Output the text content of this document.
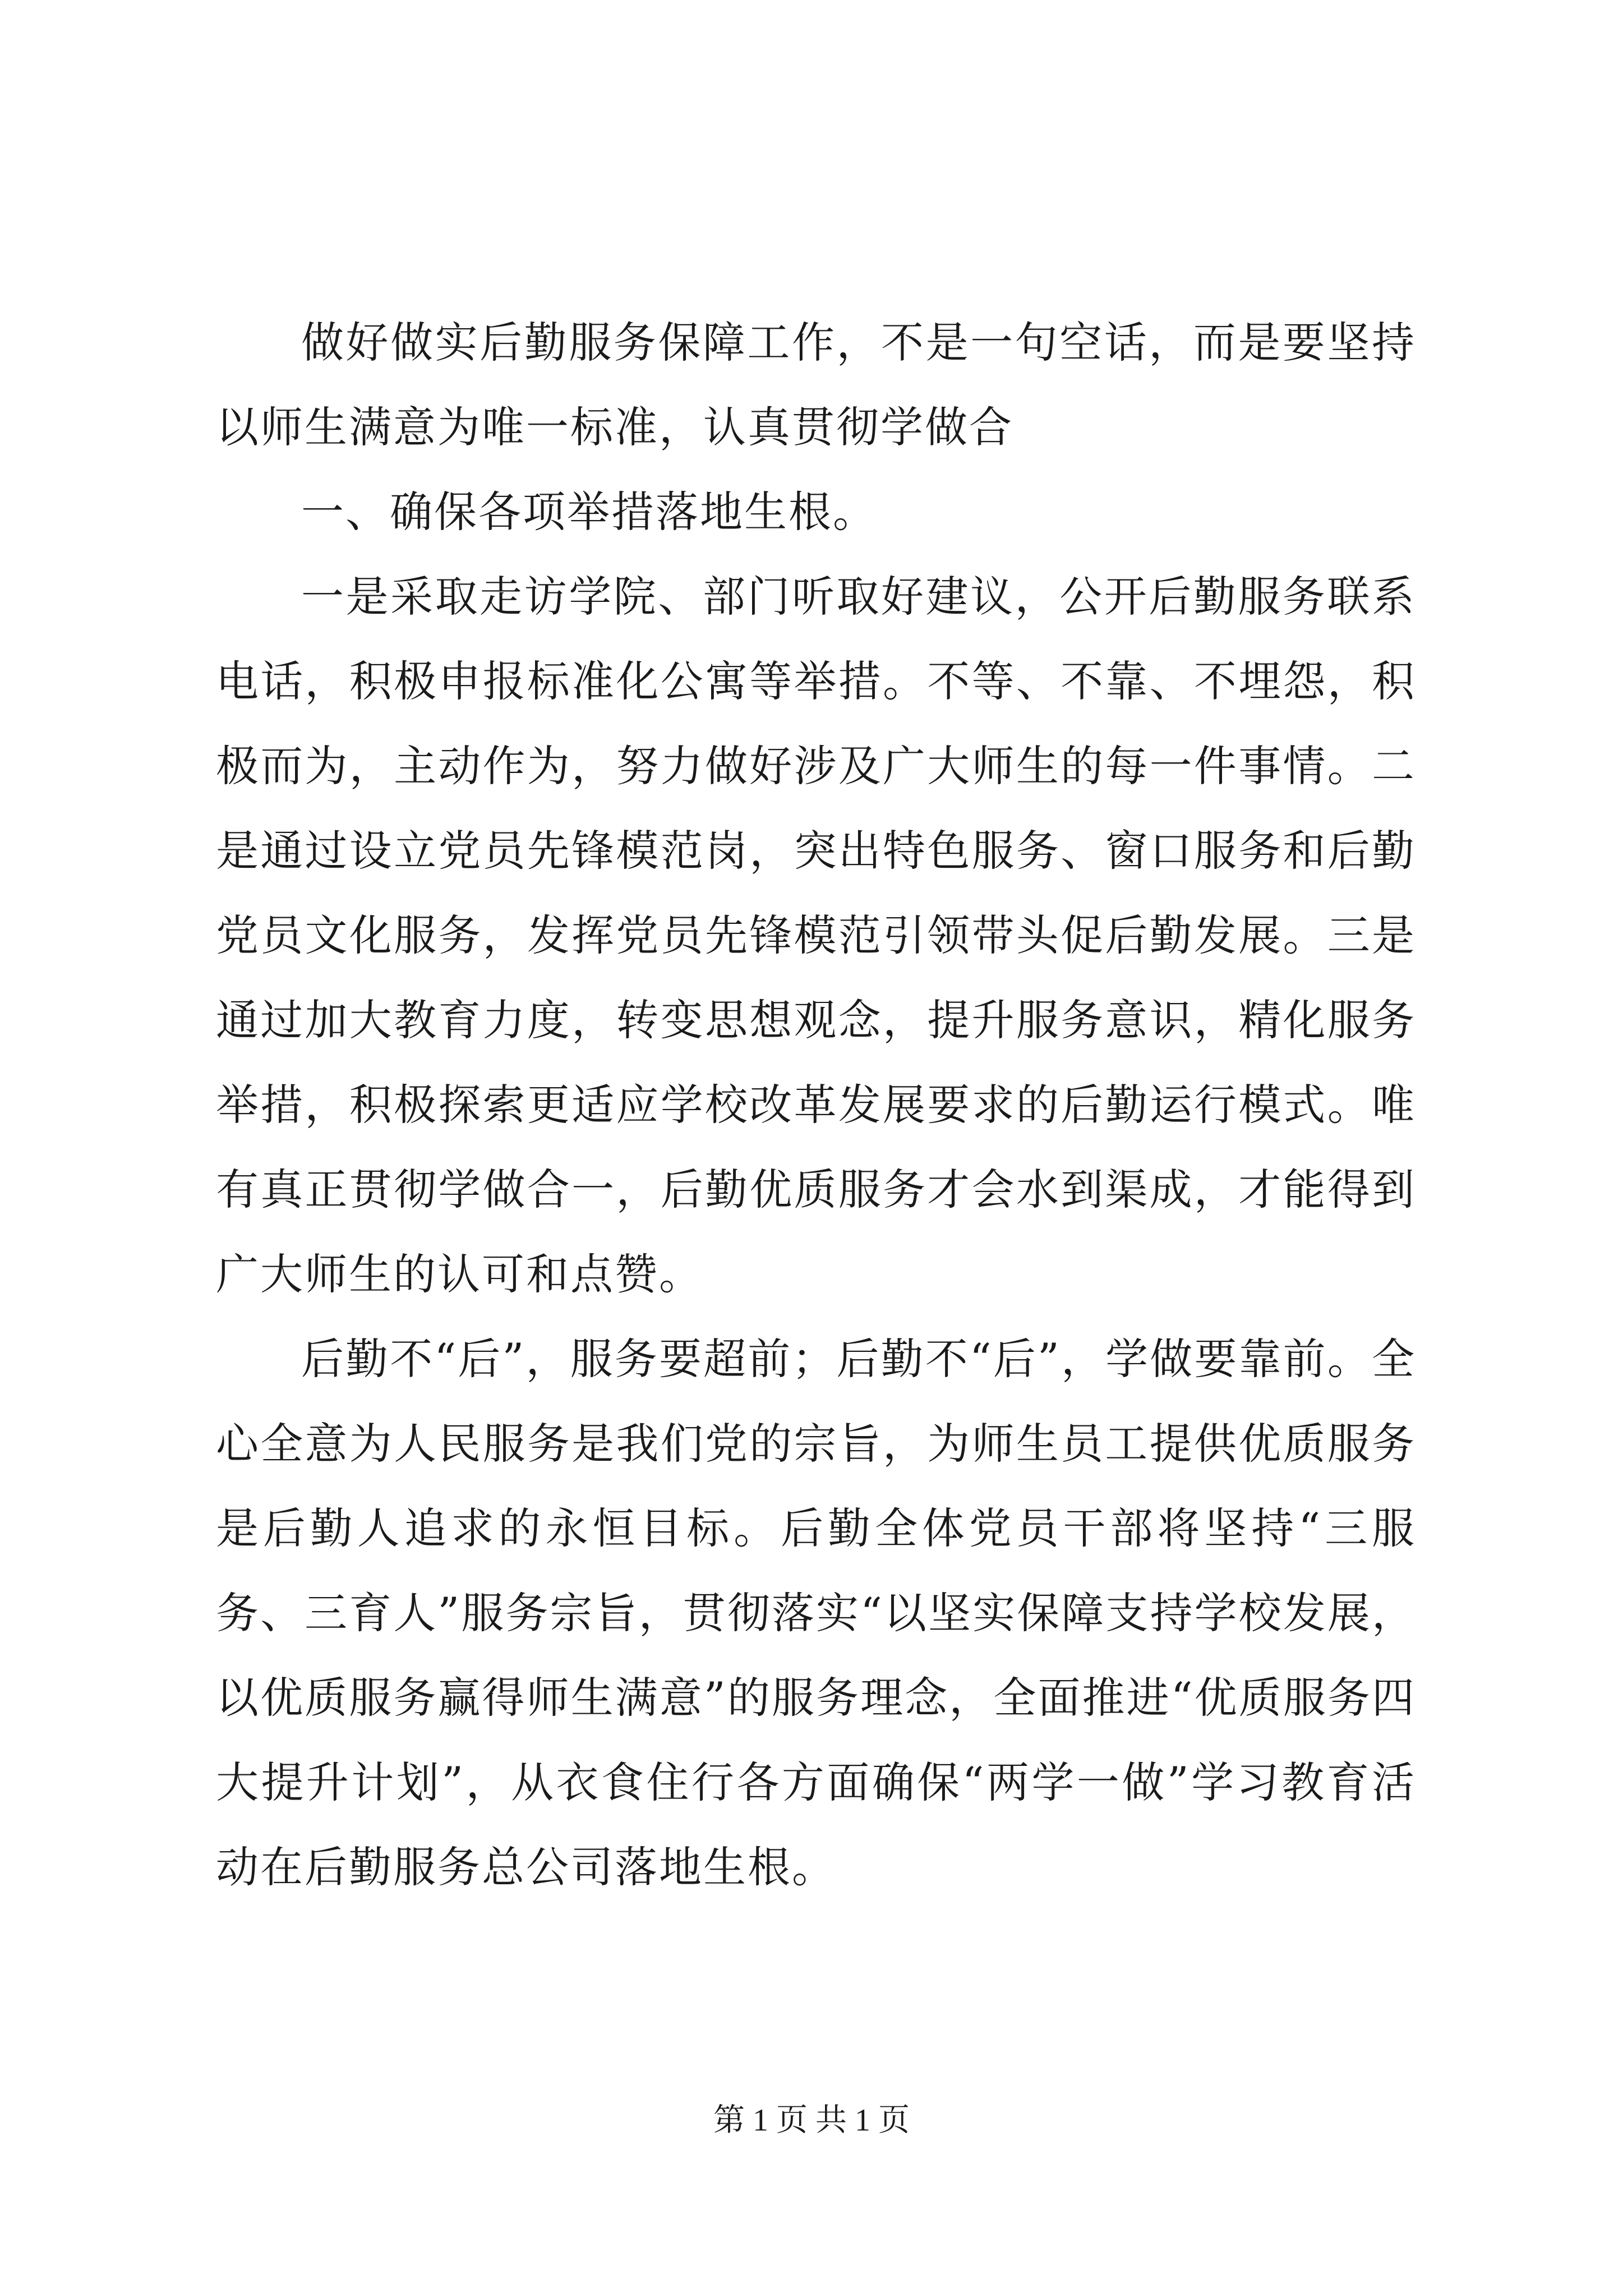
做好做实后勤服务保障工作，不是一句空话，而是要坚持以师生满意为唯一标准，认真贯彻学做合

一、确保各项举措落地生根。

一是采取走访学院、部门听取好建议，公开后勤服务联系电话，积极申报标准化公寓等举措。不等、不靠、不埋怨，积极而为，主动作为，努力做好涉及广大师生的每一件事情。二是通过设立党员先锋模范岗，突出特色服务、窗口服务和后勤党员文化服务，发挥党员先锋模范引领带头促后勤发展。三是通过加大教育力度，转变思想观念，提升服务意识，精化服务举措，积极探索更适应学校改革发展要求的后勤运行模式。唯有真正贯彻学做合一，后勤优质服务才会水到渠成，才能得到广大师生的认可和点赞。

后勤不“后”，服务要超前；后勤不“后”，学做要靠前。全心全意为人民服务是我们党的宗旨，为师生员工提供优质服务是后勤人追求的永恒目标。后勤全体党员干部将坚持“三服务、三育人”服务宗旨，贯彻落实“以坚实保障支持学校发展，以优质服务赢得师生满意”的服务理念，全面推进“优质服务四大提升计划”，从衣食住行各方面确保“两学一做”学习教育活动在后勤服务总公司落地生根。

第 1 页 共 1 页
